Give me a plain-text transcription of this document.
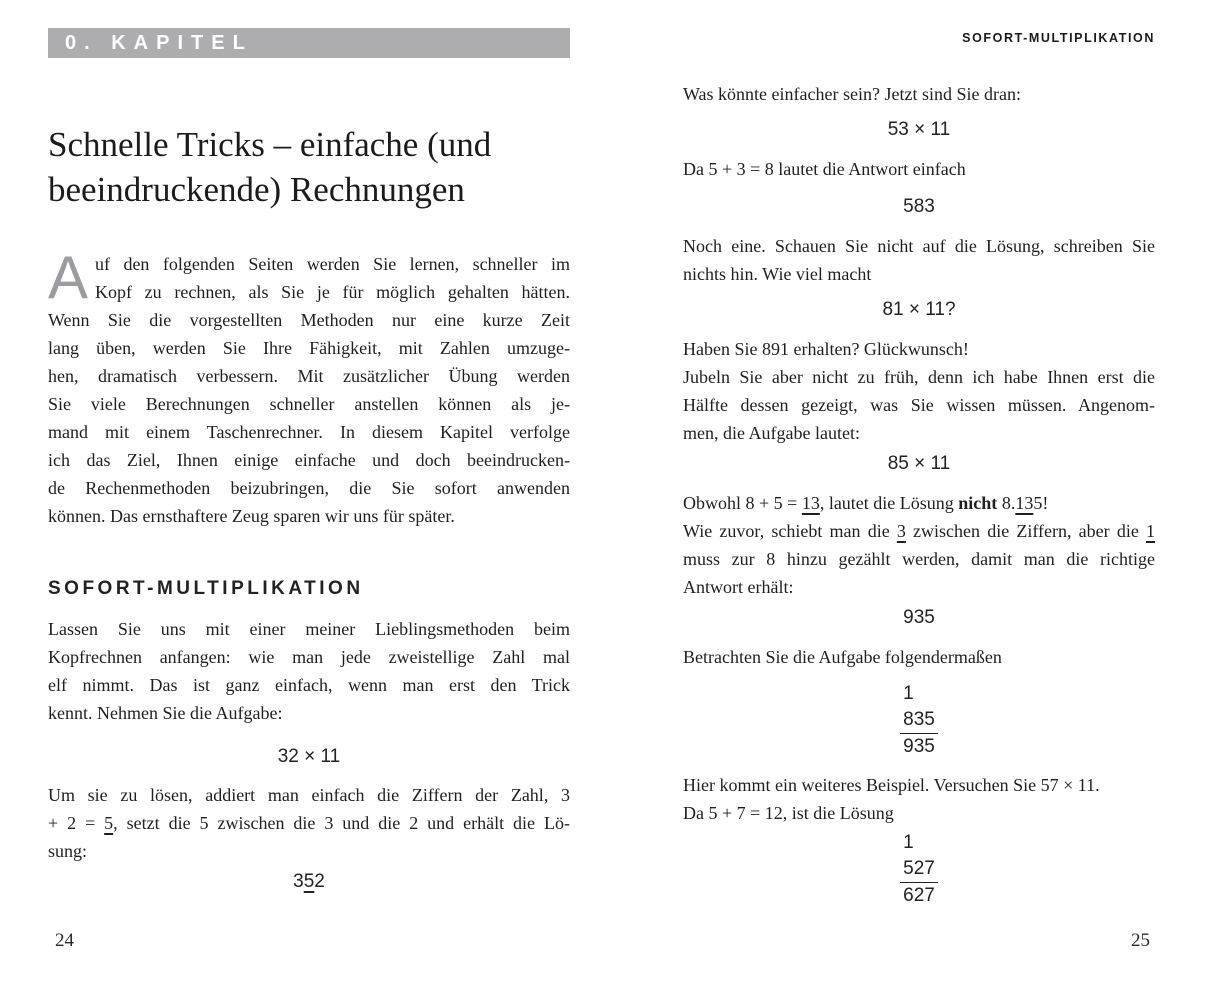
0. KAPITEL
Schnelle Tricks – einfache (und
beeindruckende) Rechnungen
A uf den folgenden Seiten werden Sie lernen, schneller im
Kopf zu rechnen, als Sie je für möglich gehalten hätten.
Wenn Sie die vorgestellten Methoden nur eine kurze Zeit
lang üben, werden Sie Ihre Fähigkeit, mit Zahlen umzuge-
hen, dramatisch verbessern. Mit zusätzlicher Übung werden
Sie viele Berechnungen schneller anstellen können als je-
mand mit einem Taschenrechner. In diesem Kapitel verfolge
ich das Ziel, Ihnen einige einfache und doch beeindrucken-
de Rechenmethoden beizubringen, die Sie sofort anwenden
können. Das ernsthaftere Zeug sparen wir uns für später.
SOFORT-MULTIPLIKATION
Lassen Sie uns mit einer meiner Lieblingsmethoden beim
Kopfrechnen anfangen: wie man jede zweistellige Zahl mal
elf nimmt. Das ist ganz einfach, wenn man erst den Trick
kennt. Nehmen Sie die Aufgabe:
32 × 11
Um sie zu lösen, addiert man einfach die Ziffern der Zahl, 3
+ 2 = 5, setzt die 5 zwischen die 3 und die 2 und erhält die Lö-
sung:
352
24
SOFORT-MULTIPLIKATION
Was könnte einfacher sein? Jetzt sind Sie dran:
53 × 11
Da 5 + 3 = 8 lautet die Antwort einfach
583
Noch eine. Schauen Sie nicht auf die Lösung, schreiben Sie
nichts hin. Wie viel macht
81 × 11?
Haben Sie 891 erhalten? Glückwunsch!
Jubeln Sie aber nicht zu früh, denn ich habe Ihnen erst die
Hälfte dessen gezeigt, was Sie wissen müssen. Angenom-
men, die Aufgabe lautet:
85 × 11
Obwohl 8 + 5 = 13, lautet die Lösung nicht 8.135!
Wie zuvor, schiebt man die 3 zwischen die Ziffern, aber die 1
muss zur 8 hinzu gezählt werden, damit man die richtige
Antwort erhält:
935
Betrachten Sie die Aufgabe folgendermaßen
1
835
935
Hier kommt ein weiteres Beispiel. Versuchen Sie 57 × 11.
Da 5 + 7 = 12, ist die Lösung
1
527
627
25
